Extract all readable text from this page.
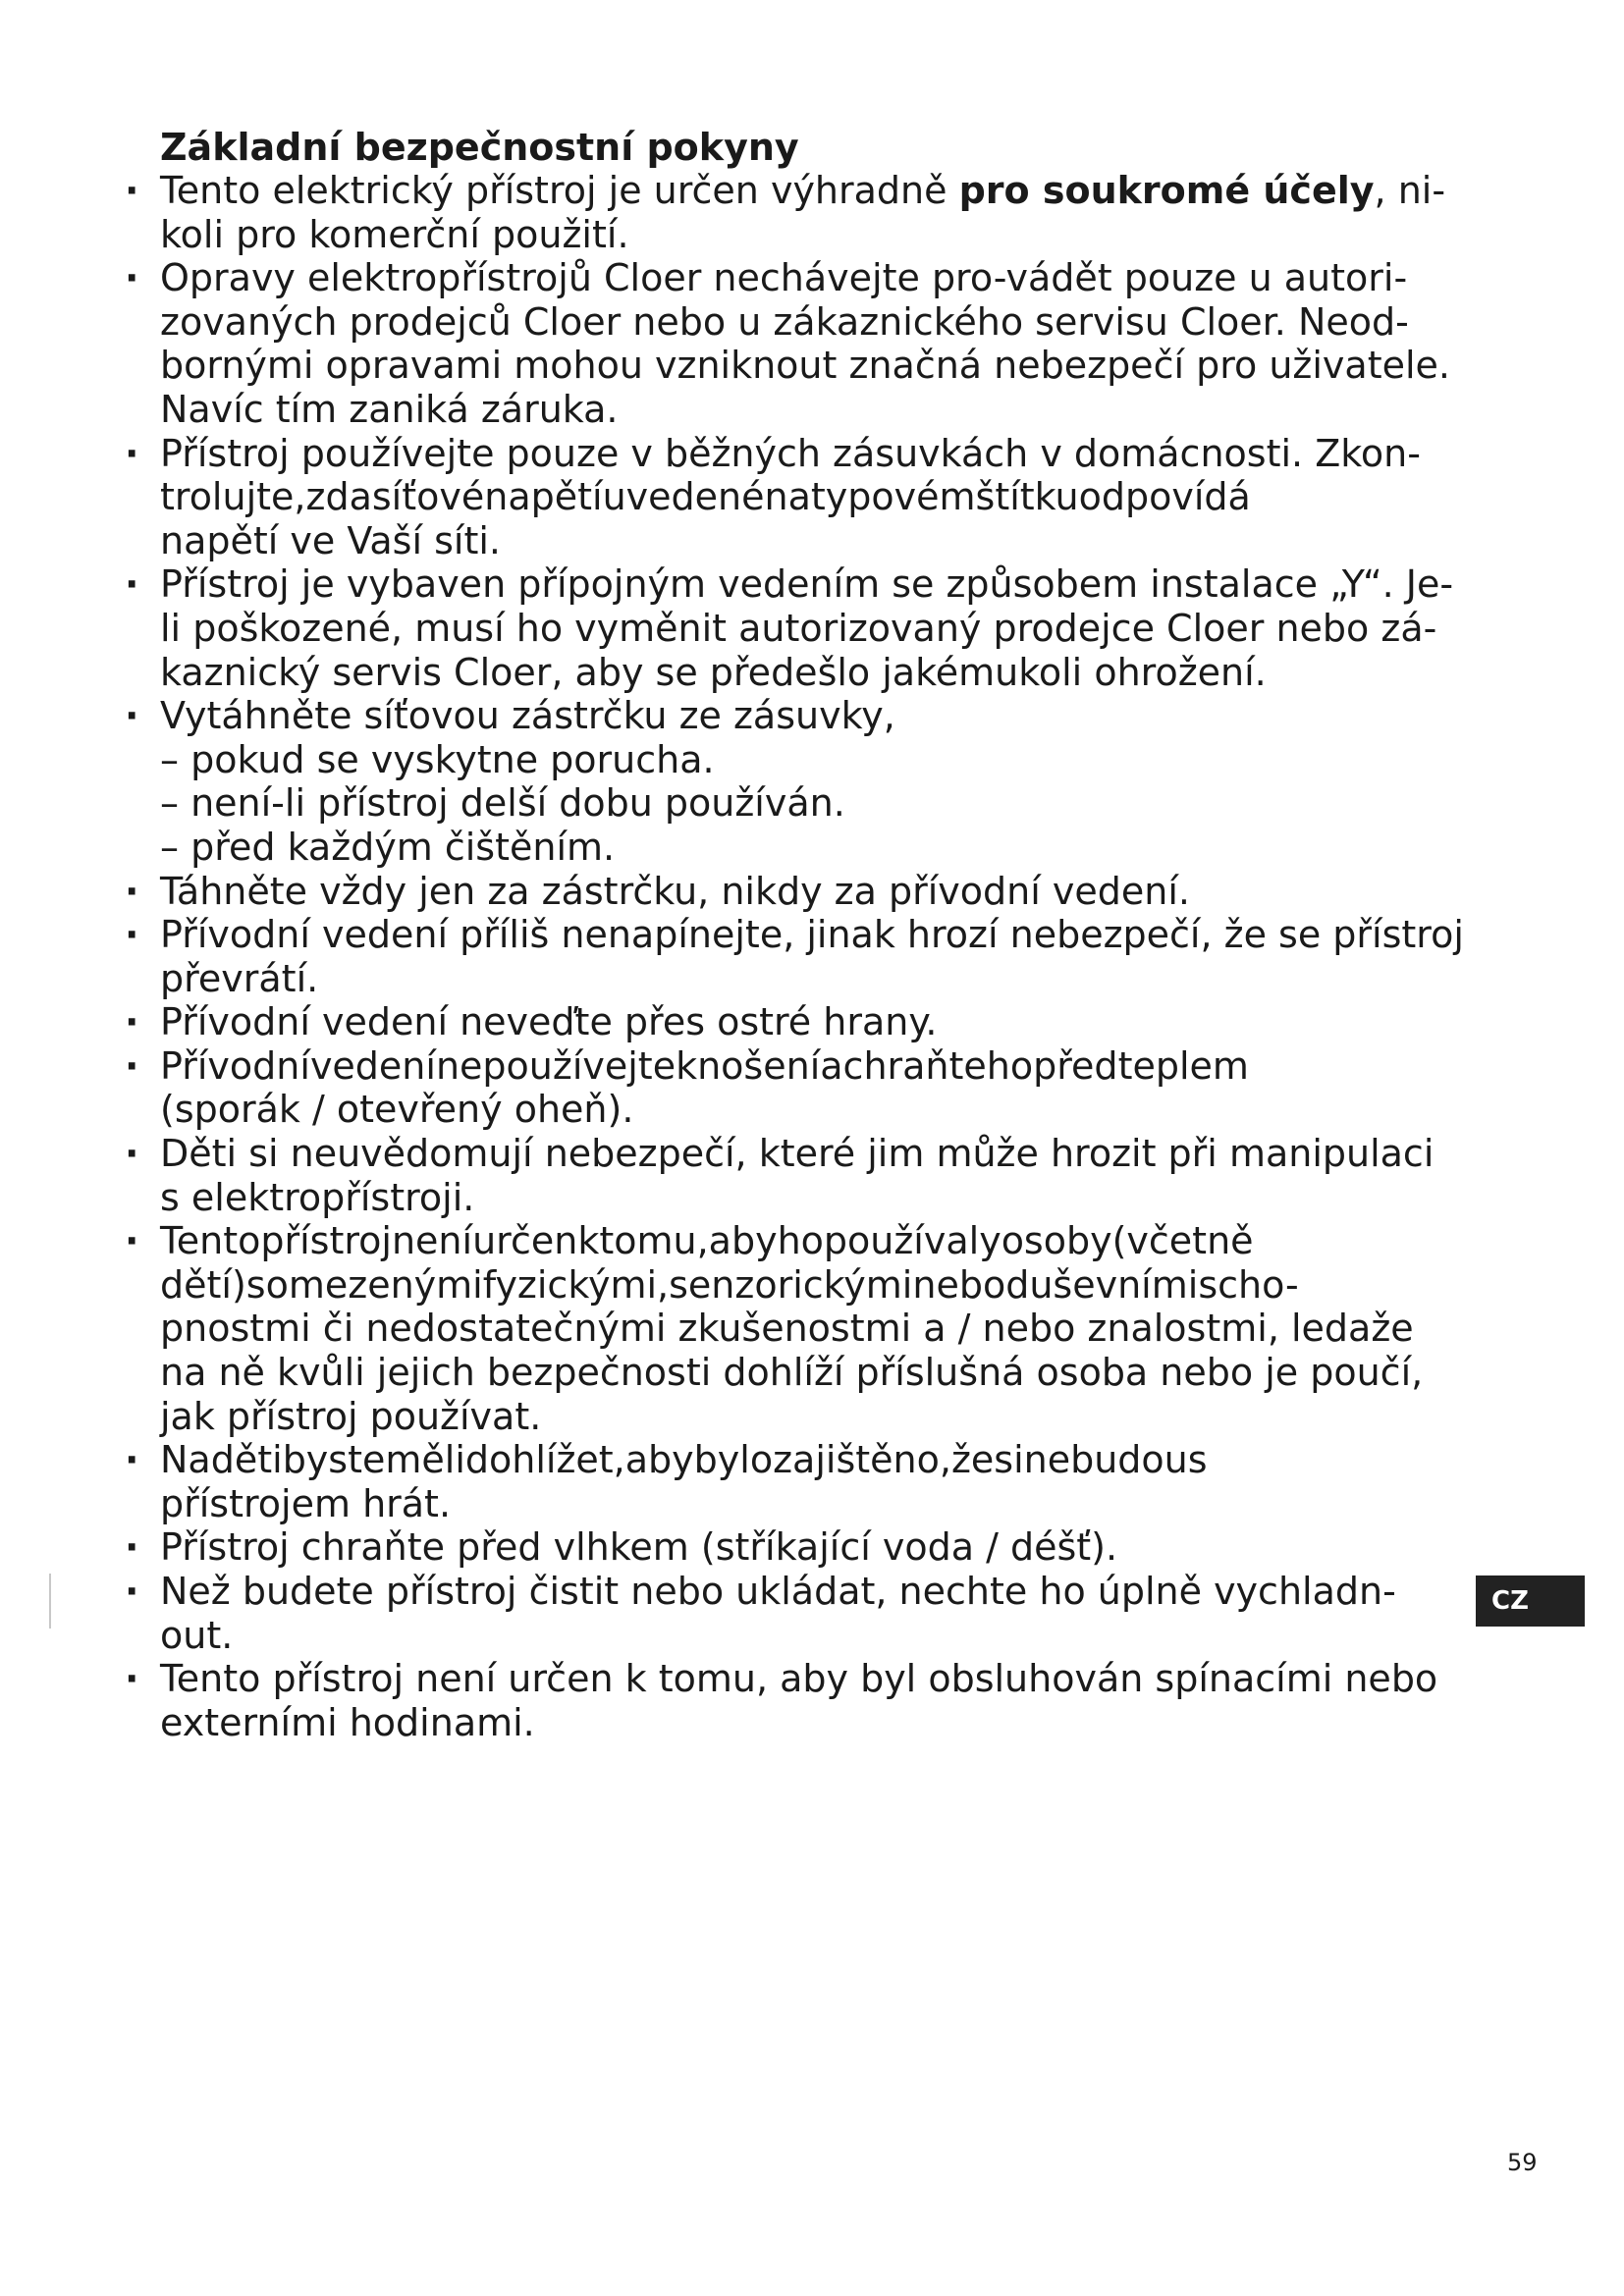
Základní bezpečnostní pokyny
· Tento elektrický přístroj je určen výhradně pro soukromé účely, ni-
koli pro komerční použití.
· Opravy elektropřístrojů Cloer nechávejte pro-vádět pouze u autori-
zovaných prodejců Cloer nebo u zákaznického servisu Cloer. Neod-
bornými opravami mohou vzniknout značná nebezpečí pro uživatele.
Navíc tím zaniká záruka.
· Přístroj používejte pouze v běžných zásuvkách v domácnosti. Zkon-
trolujte, zda síťové napětí uvedené na typovém štítku odpovídá
napětí ve Vaší síti.
· Přístroj je vybaven přípojným vedením se způsobem instalace „Y“. Je-
li poškozené, musí ho vyměnit autorizovaný prodejce Cloer nebo zá-
kaznický servis Cloer, aby se předešlo jakémukoli ohrožení.
· Vytáhněte síťovou zástrčku ze zásuvky,
– pokud se vyskytne porucha.
– není-li přístroj delší dobu používán.
– před každým čištěním.
· Táhněte vždy jen za zástrčku, nikdy za přívodní vedení.
· Přívodní vedení příliš nenapínejte, jinak hrozí nebezpečí, že se přístroj
převrátí.
· Přívodní vedení neveďte přes ostré hrany.
· Přívodní vedení nepoužívejte k nošení a chraňte ho před teplem
(sporák / otevřený oheň).
· Děti si neuvědomují nebezpečí, které jim může hrozit při manipulaci
s elektropřístroji.
· Tento přístroj není určen k tomu, aby ho používaly osoby (včetně
dětí) s omezenými fyzickými, senzorickými nebo duševními scho-
pnostmi či nedostatečnými zkušenostmi a / nebo znalostmi, ledaže
na ně kvůli jejich bezpečnosti dohlíží příslušná osoba nebo je poučí,
jak přístroj používat.
· Na děti byste měli dohlížet, aby bylo zajištěno, že si nebudou s
přístrojem hrát.
· Přístroj chraňte před vlhkem (stříkající voda / déšť).
· Než budete přístroj čistit nebo ukládat, nechte ho úplně vychladn-
out.
· Tento přístroj není určen k tomu, aby byl obsluhován spínacími nebo
externími hodinami.
CZ
59
